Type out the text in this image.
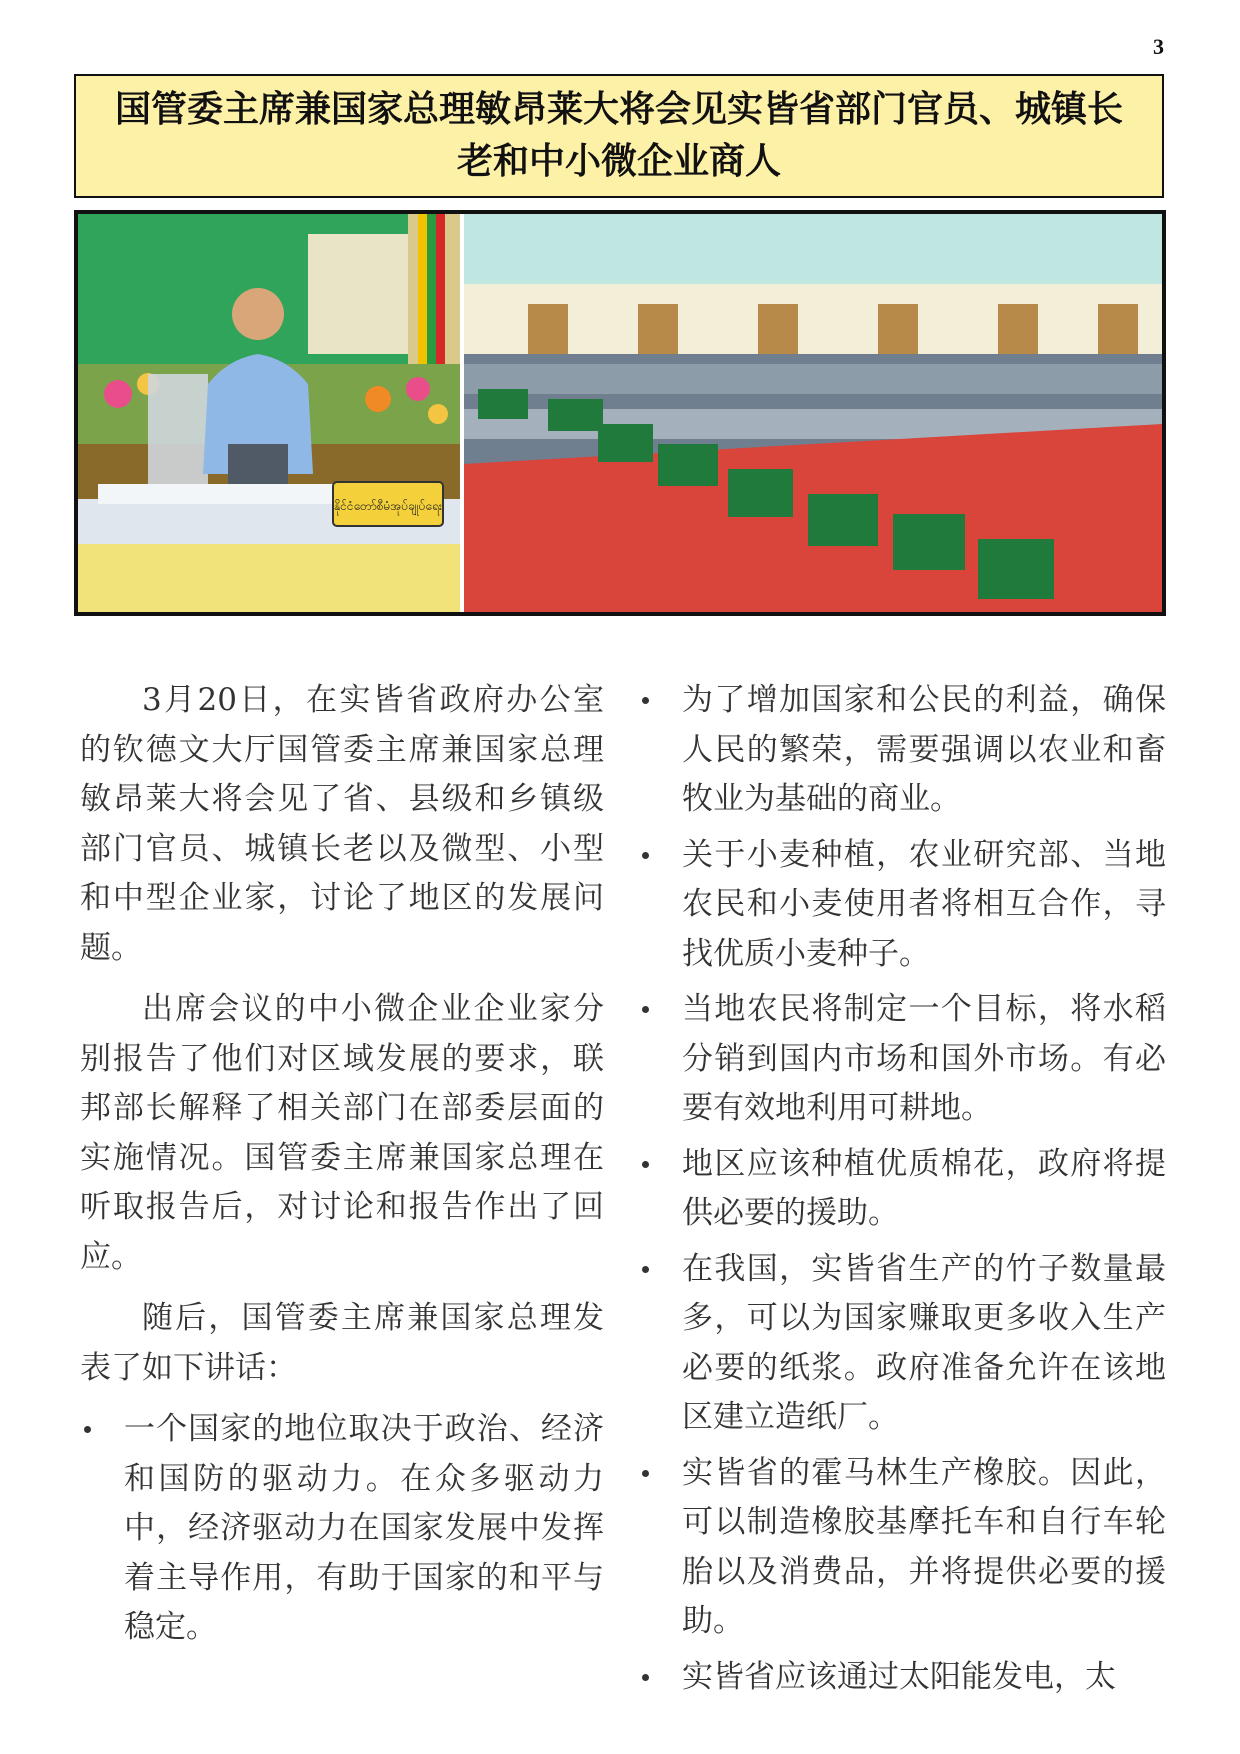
3
国管委主席兼国家总理敏昂莱大将会见实皆省部门官员、城镇长老和中小微企业商人
နိုင်ငံတော်စီမံအုပ်ချုပ်ရေး

3月20日，在实皆省政府办公室的钦德文大厅国管委主席兼国家总理敏昂莱大将会见了省、县级和乡镇级部门官员、城镇长老以及微型、小型和中型企业家，讨论了地区的发展问题。

出席会议的中小微企业企业家分别报告了他们对区域发展的要求，联邦部长解释了相关部门在部委层面的实施情况。国管委主席兼国家总理在听取报告后，对讨论和报告作出了回应。

随后，国管委主席兼国家总理发表了如下讲话：

一个国家的地位取决于政治、经济和国防的驱动力。在众多驱动力中，经济驱动力在国家发展中发挥着主导作用，有助于国家的和平与稳定。
为了增加国家和公民的利益，确保人民的繁荣，需要强调以农业和畜牧业为基础的商业。
关于小麦种植，农业研究部、当地农民和小麦使用者将相互合作，寻找优质小麦种子。
当地农民将制定一个目标，将水稻分销到国内市场和国外市场。有必要有效地利用可耕地。
地区应该种植优质棉花，政府将提供必要的援助。
在我国，实皆省生产的竹子数量最多，可以为国家赚取更多收入生产必要的纸浆。政府准备允许在该地区建立造纸厂。
实皆省的霍马林生产橡胶。因此，可以制造橡胶基摩托车和自行车轮胎以及消费品，并将提供必要的援助。
实皆省应该通过太阳能发电，太
